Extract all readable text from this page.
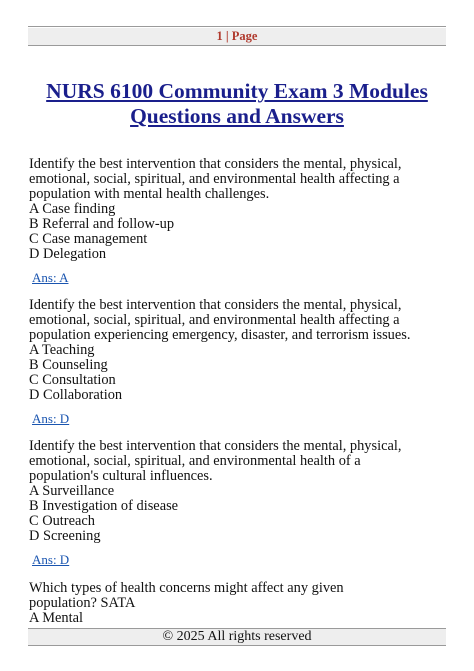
1 | Page
NURS 6100 Community Exam 3 Modules
Questions and Answers

Identify the best intervention that considers the mental, physical,

emotional, social, spiritual, and environmental health affecting a

population with mental health challenges.

A Case finding

B Referral and follow-up

C Case management

D Delegation

Ans: A

Identify the best intervention that considers the mental, physical,

emotional, social, spiritual, and environmental health affecting a

population experiencing emergency, disaster, and terrorism issues.

A Teaching

B Counseling

C Consultation

D Collaboration

Ans: D

Identify the best intervention that considers the mental, physical,

emotional, social, spiritual, and environmental health of a

population's cultural influences.

A Surveillance

B Investigation of disease

C Outreach

D Screening

Ans: D

Which types of health concerns might affect any given

population? SATA

A Mental

© 2025 All rights reserved
